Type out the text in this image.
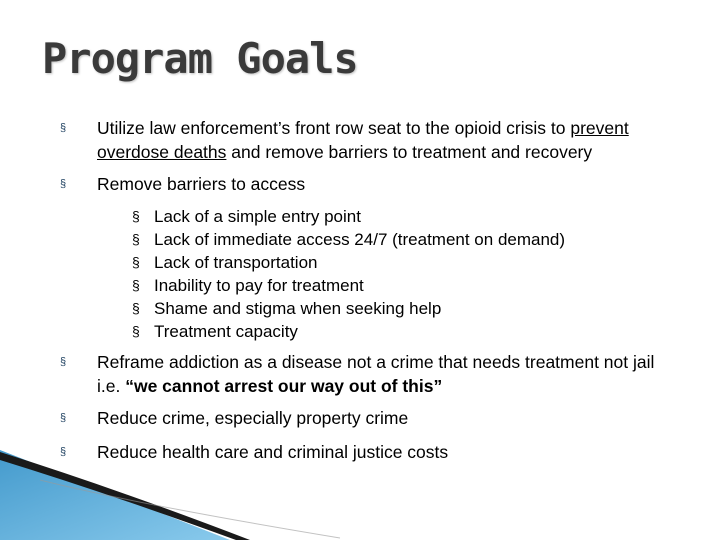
Program Goals
§ Utilize law enforcement’s front row seat to the opioid crisis to prevent overdose deaths and remove barriers to treatment and recovery
§ Remove barriers to access
§ Lack of a simple entry point
§ Lack of immediate access 24/7 (treatment on demand)
§ Lack of transportation
§ Inability to pay for treatment
§ Shame and stigma when seeking help
§ Treatment capacity
§ Reframe addiction as a disease not a crime that needs treatment not jail i.e. “we cannot arrest our way out of this”
§ Reduce crime, especially property crime
§ Reduce health care and criminal justice costs
